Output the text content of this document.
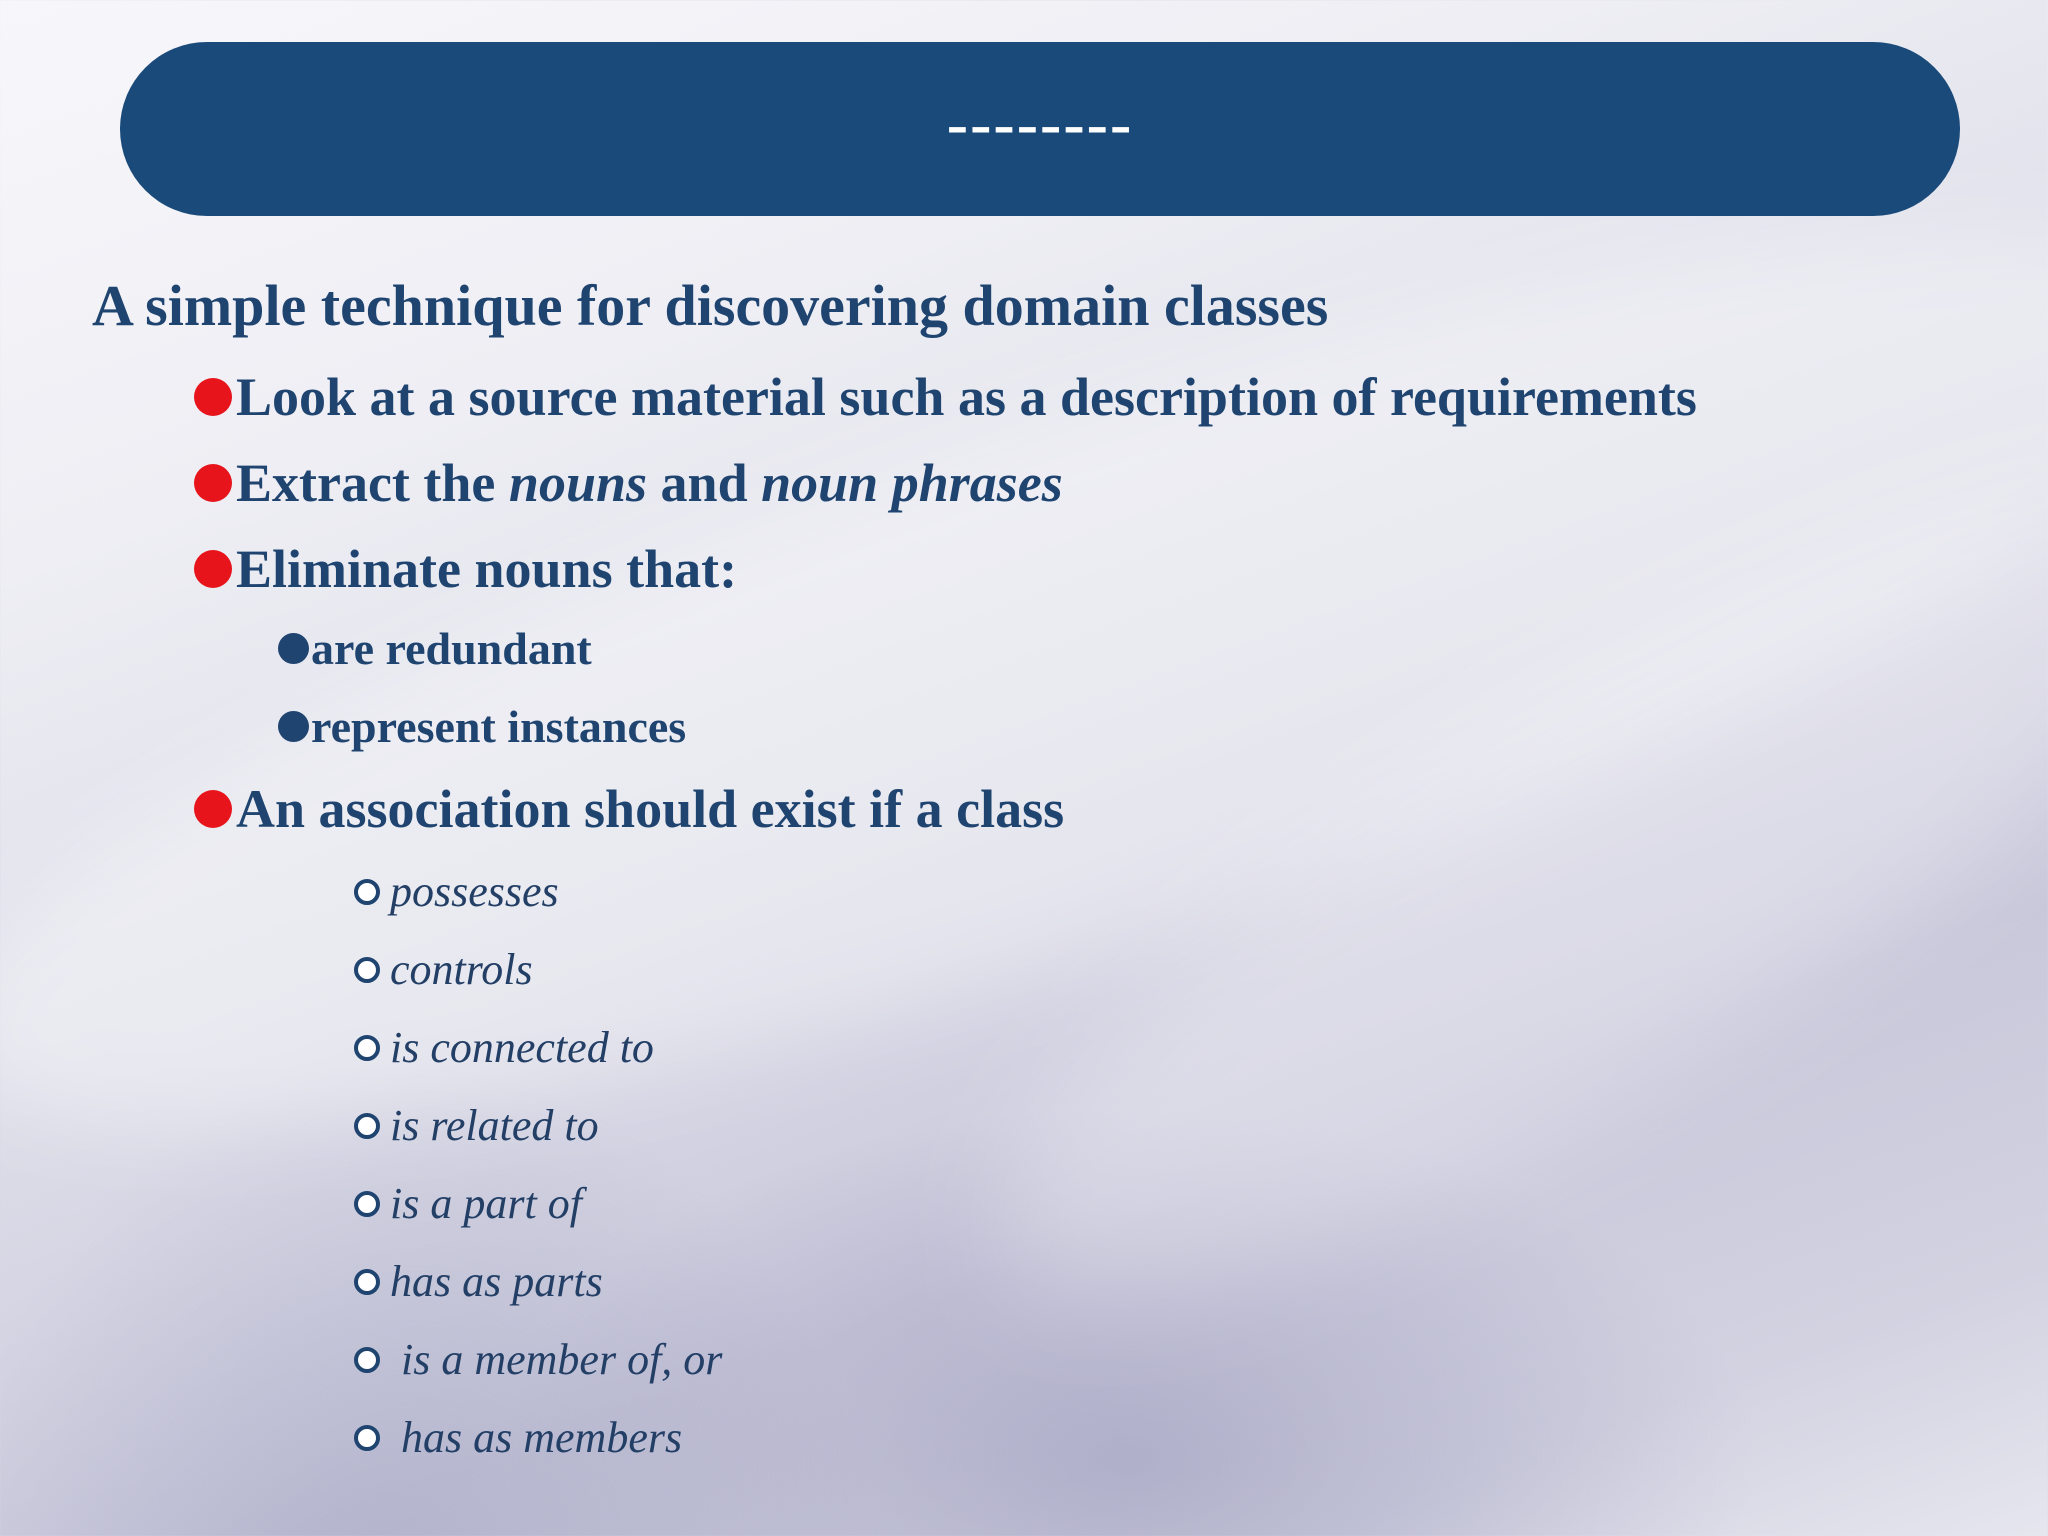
--------
A simple technique for discovering domain classes
Look at a source material such as a description of requirements
Extract the nouns and noun phrases
Eliminate nouns that:
are redundant
represent instances
An association should exist if a class
possesses
controls
is connected to
is related to
is a part of
has as parts
is a member of, or
has as members
